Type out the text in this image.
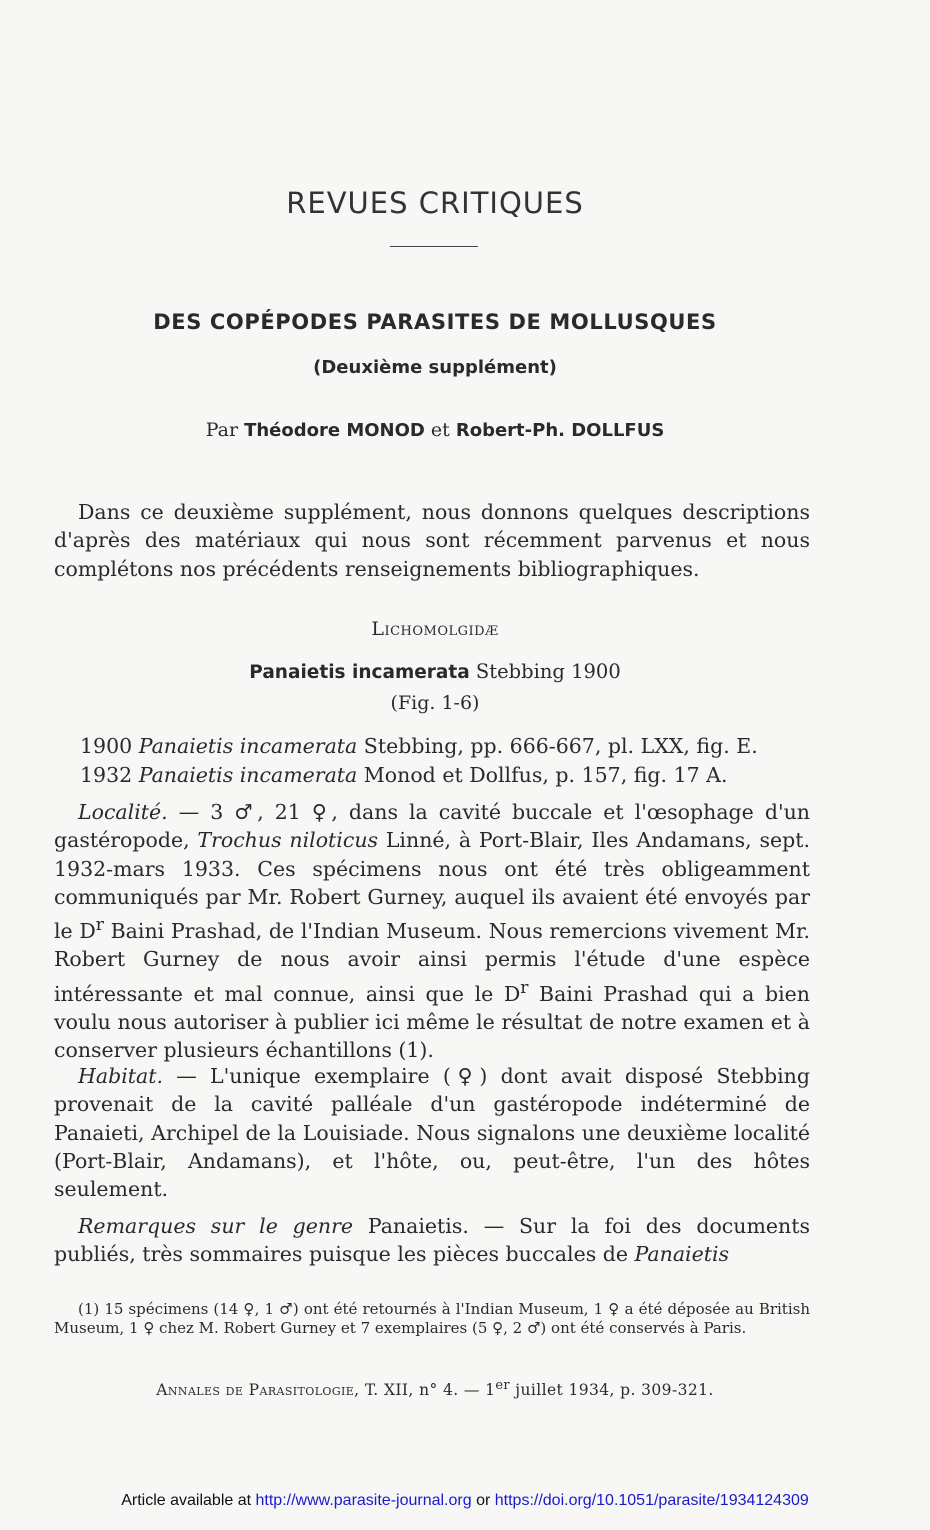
REVUES CRITIQUES
DES COPÉPODES PARASITES DE MOLLUSQUES
(Deuxième supplément)
Par Théodore MONOD et Robert-Ph. DOLLFUS

Dans ce deuxième supplément, nous donnons quelques descriptions d'après des matériaux qui nous sont récemment parvenus et nous complétons nos précédents renseignements bibliographiques.

Lichomolgidæ
Panaietis incamerata Stebbing 1900
(Fig. 1-6)
1900 Panaietis incamerata Stebbing, pp. 666-667, pl. LXX, fig. E.
1932 Panaietis incamerata Monod et Dollfus, p. 157, fig. 17 A.

Localité. — 3 ♂, 21 ♀, dans la cavité buccale et l'œsophage d'un gastéropode, Trochus niloticus Linné, à Port-Blair, Iles Andamans, sept. 1932-mars 1933. Ces spécimens nous ont été très obligeamment communiqués par Mr. Robert Gurney, auquel ils avaient été envoyés par le $D^r$ Baini Prashad, de l'Indian Museum. Nous remercions vivement Mr. Robert Gurney de nous avoir ainsi permis l'étude d'une espèce intéressante et mal connue, ainsi que le $D^r$ Baini Prashad qui a bien voulu nous autoriser à publier ici même le résultat de notre examen et à conserver plusieurs échantillons (1).

Habitat. — L'unique exemplaire (♀) dont avait disposé Stebbing provenait de la cavité palléale d'un gastéropode indéterminé de Panaieti, Archipel de la Louisiade. Nous signalons une deuxième localité (Port-Blair, Andamans), et l'hôte, ou, peut-être, l'un des hôtes seulement.

Remarques sur le genre Panaietis. — Sur la foi des documents publiés, très sommaires puisque les pièces buccales de Panaietis

(1) 15 spécimens (14 ♀, 1 ♂) ont été retournés à l'Indian Museum, 1 ♀ a été déposée au British Museum, 1 ♀ chez M. Robert Gurney et 7 exemplaires (5 ♀, 2 ♂) ont été conservés à Paris.

Annales de Parasitologie, T. XII, n° 4. — 1er juillet 1934, p. 309-321.
Article available at http://www.parasite-journal.org or https://doi.org/10.1051/parasite/1934124309
